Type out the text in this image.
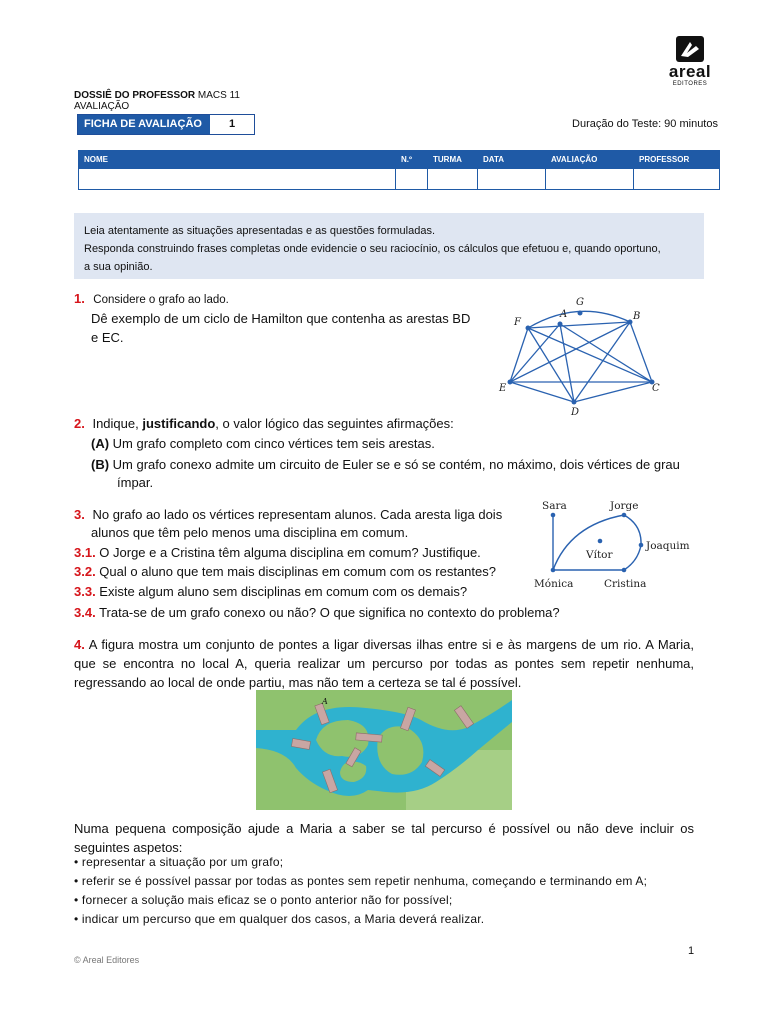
areal
EDITORES
DOSSIÊ DO PROFESSOR MACS 11
AVALIAÇÃO
FICHA DE AVALIAÇÃO	1	Duração do Teste: 90 minutos
NOME	N.º	TURMA	DATA	AVALIAÇÃO	PROFESSOR

Leia atentamente as situações apresentadas e as questões formuladas.

Responda construindo frases completas onde evidencie o seu raciocínio, os cálculos que efetuou e, quando oportuno,

a sua opinião.

1. Considere o grafo ao lado.
Dê exemplo de um ciclo de Hamilton que contenha as arestas BD
e EC.
G
F
A	B
E	C
D
2. Indique, justificando, o valor lógico das seguintes afirmações:
(A) Um grafo completo com cinco vértices tem seis arestas.
(B) Um grafo conexo admite um circuito de Euler se e só se contém, no máximo, dois vértices de grau
ímpar.
3. No grafo ao lado os vértices representam alunos. Cada aresta liga dois
alunos que têm pelo menos uma disciplina em comum.
3.1. O Jorge e a Cristina têm alguma disciplina em comum? Justifique.
3.2. Qual o aluno que tem mais disciplinas em comum com os restantes?
3.3. Existe algum aluno sem disciplinas em comum com os demais?
3.4. Trata-se de um grafo conexo ou não? O que significa no contexto do problema?
Sara	Jorge
Joaquim
Vítor
Mónica	Cristina
4. A figura mostra um conjunto de pontes a ligar diversas ilhas entre si e às margens de um rio. A Maria,
que se encontra no local A, queria realizar um percurso por todas as pontes sem repetir nenhuma,
regressando ao local de onde partiu, mas não tem a certeza se tal é possível.
A
Numa pequena composição ajude a Maria a saber se tal percurso é possível ou não deve incluir os
seguintes aspetos:
• representar a situação por um grafo;
• referir se é possível passar por todas as pontes sem repetir nenhuma, começando e terminando em A;
• fornecer a solução mais eficaz se o ponto anterior não for possível;
• indicar um percurso que em qualquer dos casos, a Maria deverá realizar.
© Areal Editores
1
